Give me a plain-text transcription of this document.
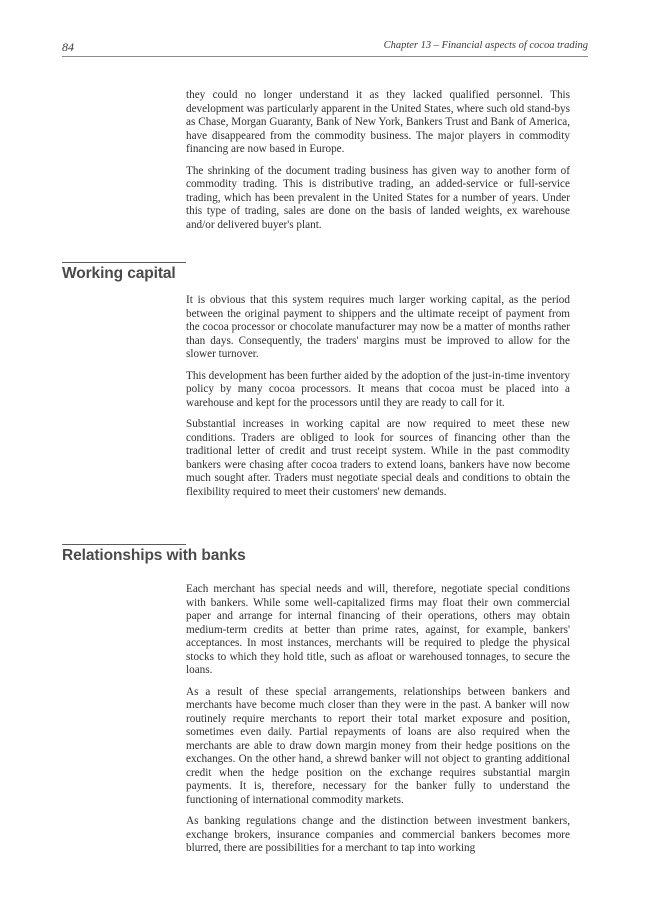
84	Chapter 13 – Financial aspects of cocoa trading

they could no longer understand it as they lacked qualified personnel. This development was particularly apparent in the United States, where such old stand-bys as Chase, Morgan Guaranty, Bank of New York, Bankers Trust and Bank of America, have disappeared from the commodity business. The major players in commodity financing are now based in Europe.

The shrinking of the document trading business has given way to another form of commodity trading. This is distributive trading, an added-service or full-service trading, which has been prevalent in the United States for a number of years. Under this type of trading, sales are done on the basis of landed weights, ex warehouse and/or delivered buyer's plant.

Working capital

It is obvious that this system requires much larger working capital, as the period between the original payment to shippers and the ultimate receipt of payment from the cocoa processor or chocolate manufacturer may now be a matter of months rather than days. Consequently, the traders' margins must be improved to allow for the slower turnover.

This development has been further aided by the adoption of the just-in-time inventory policy by many cocoa processors. It means that cocoa must be placed into a warehouse and kept for the processors until they are ready to call for it.

Substantial increases in working capital are now required to meet these new conditions. Traders are obliged to look for sources of financing other than the traditional letter of credit and trust receipt system. While in the past commodity bankers were chasing after cocoa traders to extend loans, bankers have now become much sought after. Traders must negotiate special deals and conditions to obtain the flexibility required to meet their customers' new demands.

Relationships with banks

Each merchant has special needs and will, therefore, negotiate special conditions with bankers. While some well-capitalized firms may float their own commercial paper and arrange for internal financing of their operations, others may obtain medium-term credits at better than prime rates, against, for example, bankers' acceptances. In most instances, merchants will be required to pledge the physical stocks to which they hold title, such as afloat or warehoused tonnages, to secure the loans.

As a result of these special arrangements, relationships between bankers and merchants have become much closer than they were in the past. A banker will now routinely require merchants to report their total market exposure and position, sometimes even daily. Partial repayments of loans are also required when the merchants are able to draw down margin money from their hedge positions on the exchanges. On the other hand, a shrewd banker will not object to granting additional credit when the hedge position on the exchange requires substantial margin payments. It is, therefore, necessary for the banker fully to understand the functioning of international commodity markets.

As banking regulations change and the distinction between investment bankers, exchange brokers, insurance companies and commercial bankers becomes more blurred, there are possibilities for a merchant to tap into working
